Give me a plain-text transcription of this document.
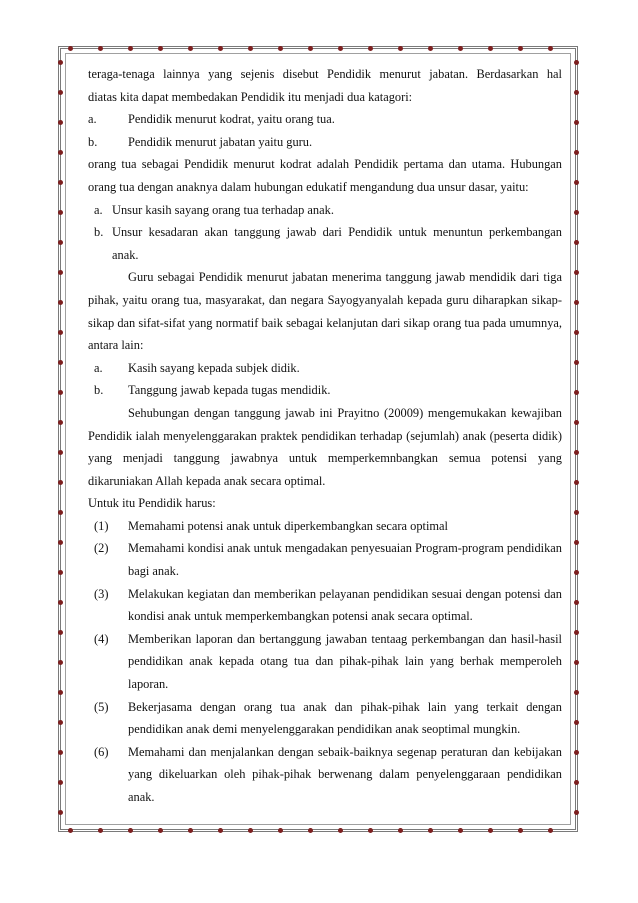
teraga-tenaga lainnya yang sejenis disebut Pendidik menurut jabatan. Berdasarkan hal

diatas kita dapat membedakan Pendidik itu menjadi dua katagori:

a.	Pendidik menurut kodrat, yaitu orang tua.
b.	Pendidik menurut jabatan yaitu guru.

orang tua sebagai Pendidik menurut kodrat adalah Pendidik pertama dan utama. Hubungan orang tua dengan anaknya dalam hubungan edukatif mengandung dua unsur dasar, yaitu:

a. Unsur kasih sayang orang tua terhadap anak.
b. Unsur kesadaran akan tanggung jawab dari Pendidik untuk menuntun perkembangan anak.

Guru sebagai Pendidik menurut jabatan menerima tanggung jawab mendidik dari tiga pihak, yaitu orang tua, masyarakat, dan negara Sayogyanyalah kepada guru diharapkan sikap-sikap dan sifat-sifat yang normatif baik sebagai kelanjutan dari sikap orang tua pada umumnya, antara lain:

a.	Kasih sayang kepada subjek didik.
b.	Tanggung jawab kepada tugas mendidik.

Sehubungan dengan tanggung jawab ini Prayitno (20009) mengemukakan kewajiban Pendidik ialah menyelenggarakan praktek pendidikan terhadap (sejumlah) anak (peserta didik) yang menjadi tanggung jawabnya untuk memperkemnbangkan semua potensi yang dikaruniakan Allah kepada anak secara optimal.

Untuk itu Pendidik harus:

(1)	Memahami potensi anak untuk diperkembangkan secara optimal
(2)	Memahami kondisi anak untuk mengadakan penyesuaian Program-program pendidikan bagi anak.
(3)	Melakukan kegiatan dan memberikan pelayanan pendidikan sesuai dengan potensi dan kondisi anak untuk memperkembangkan potensi anak secara optimal.
(4)	Memberikan laporan dan bertanggung jawaban tentaag perkembangan dan hasil-hasil pendidikan anak kepada otang tua dan pihak-pihak lain yang berhak memperoleh laporan.
(5)	Bekerjasama dengan orang tua anak dan pihak-pihak lain yang terkait dengan pendidikan anak demi menyelenggarakan pendidikan anak seoptimal mungkin.
(6)	Memahami dan menjalankan dengan sebaik-baiknya segenap peraturan dan kebijakan yang dikeluarkan oleh pihak-pihak berwenang dalam penyelenggaraan pendidikan anak.
